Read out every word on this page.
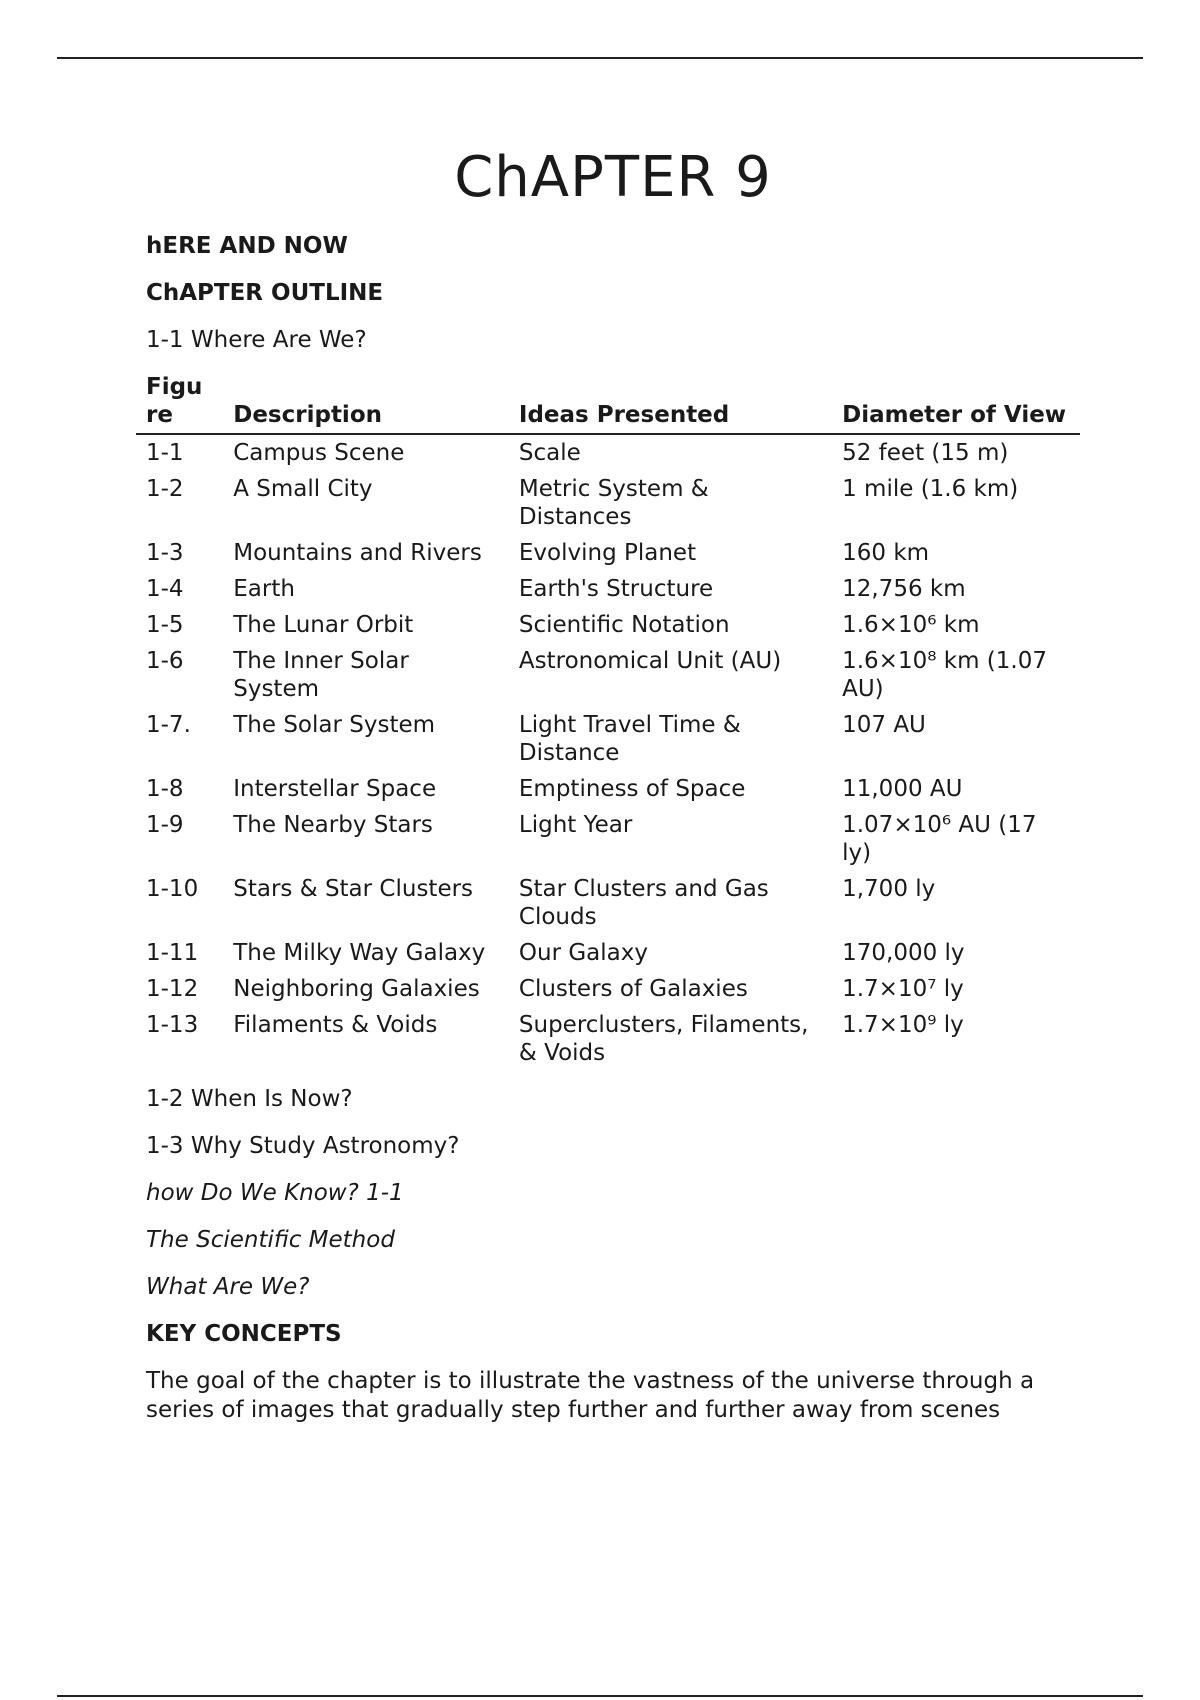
ChAPTER 9
hERE AND NOW
ChAPTER OUTLINE
1-1 Where Are We?
Figure	Description	Ideas Presented	Diameter of View
1-1	Campus Scene	Scale	52 feet (15 m)
1-2	A Small City	Metric System & Distances	1 mile (1.6 km)
1-3	Mountains and Rivers	Evolving Planet	160 km
1-4	Earth	Earth's Structure	12,756 km
1-5	The Lunar Orbit	Scientific Notation	1.6×10⁶ km
1-6	The Inner Solar System	Astronomical Unit (AU)	1.6×10⁸ km (1.07 AU)
1-7.	The Solar System	Light Travel Time & Distance	107 AU
1-8	Interstellar Space	Emptiness of Space	11,000 AU
1-9	The Nearby Stars	Light Year	1.07×10⁶ AU (17 ly)
1-10	Stars & Star Clusters	Star Clusters and Gas Clouds	1,700 ly
1-11	The Milky Way Galaxy	Our Galaxy	170,000 ly
1-12	Neighboring Galaxies	Clusters of Galaxies	1.7×10⁷ ly
1-13	Filaments & Voids	Superclusters, Filaments, & Voids	1.7×10⁹ ly
1-2 When Is Now?
1-3 Why Study Astronomy?
how Do We Know? 1-1
The Scientific Method
What Are We?
KEY CONCEPTS

The goal of the chapter is to illustrate the vastness of the universe through a series of images that gradually step further and further away from scenes
